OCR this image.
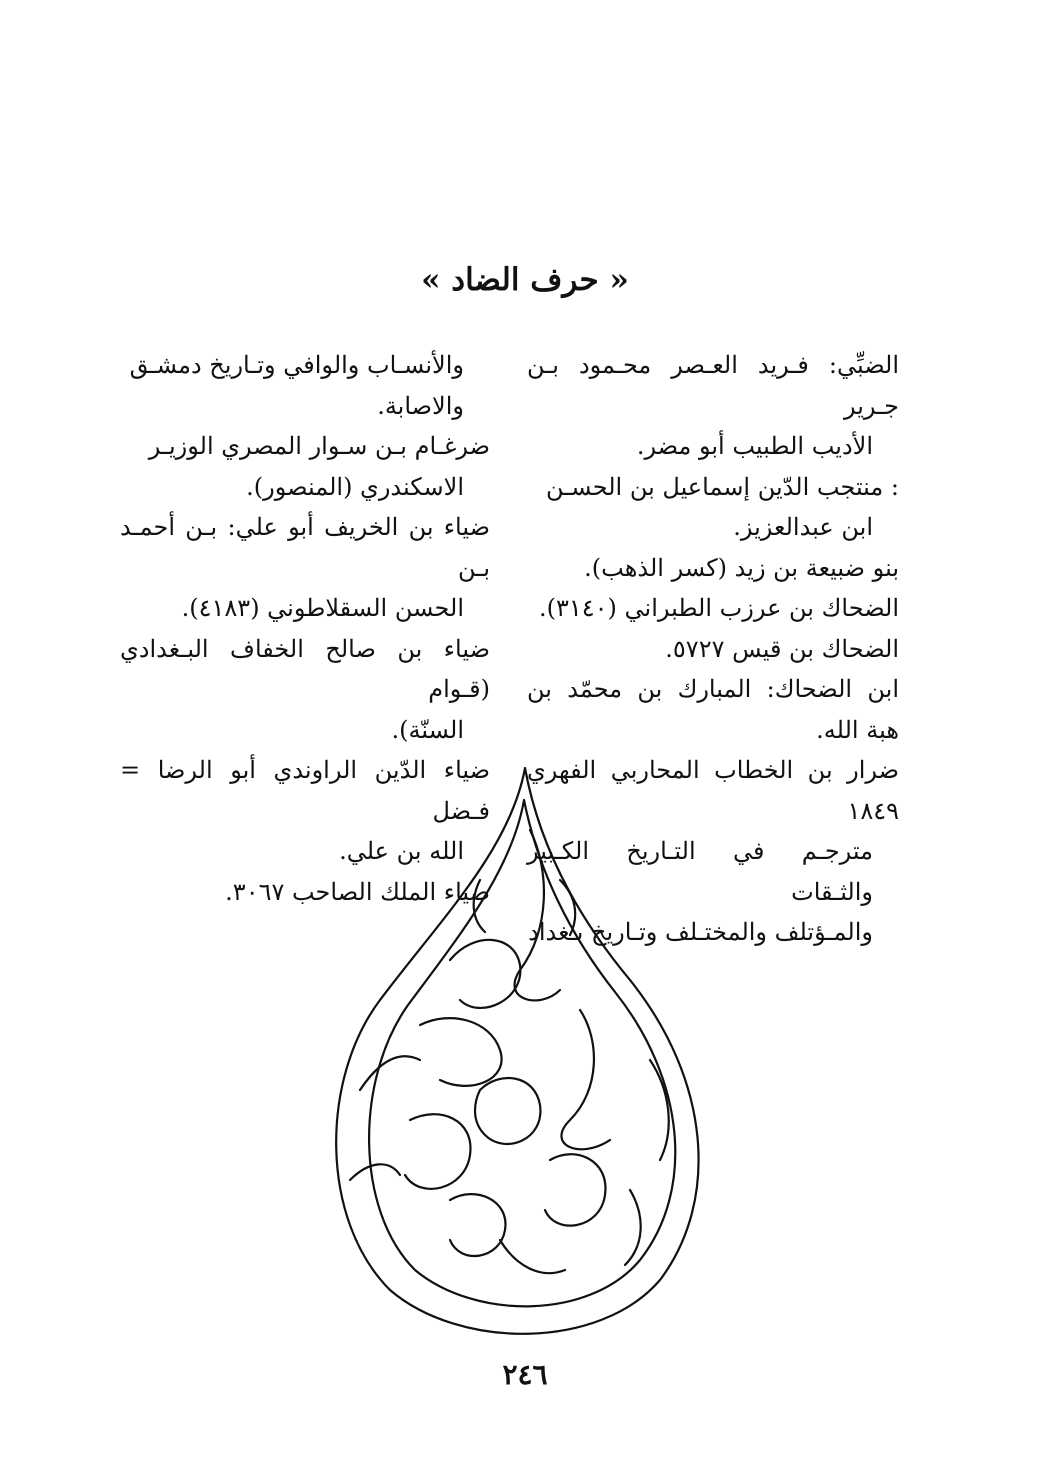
« حرف الضاد »
الضبِّي: فـريد العـصر محـمود بـن جـرير
الأديب الطبيب أبو مضر.
: منتجب الدّين إسماعيل بن الحسـن
ابن عبدالعزيز.
بنو ضبيعة بن زيد (كسر الذهب).
الضحاك بن عرزب الطبراني (٣١٤٠).
الضحاك بن قيس ٥٧٢٧.
ابن الضحاك: المبارك بن محمّد بن هبة الله.
ضرار بن الخطاب المحاربي الفهري ١٨٤٩
مترجـم في التـاريخ الكـبير والثـقات
والمـؤتلف والمختـلف وتـاريخ بـغداد
والأنسـاب والوافي وتـاريخ دمشـق
والاصابة.
ضرغـام بـن سـوار المصري الوزيـر
الاسكندري (المنصور).
ضياء بن الخريف أبو علي: بـن أحمـد بـن
الحسن السقلاطوني (٤١٨٣).
ضياء بن صالح الخفاف البـغدادي (قـوام
السنّة).
ضياء الدّين الراوندي أبو الرضا = فـضل
الله بن علي.
ضياء الملك الصاحب ٣٠٦٧.
٢٤٦
